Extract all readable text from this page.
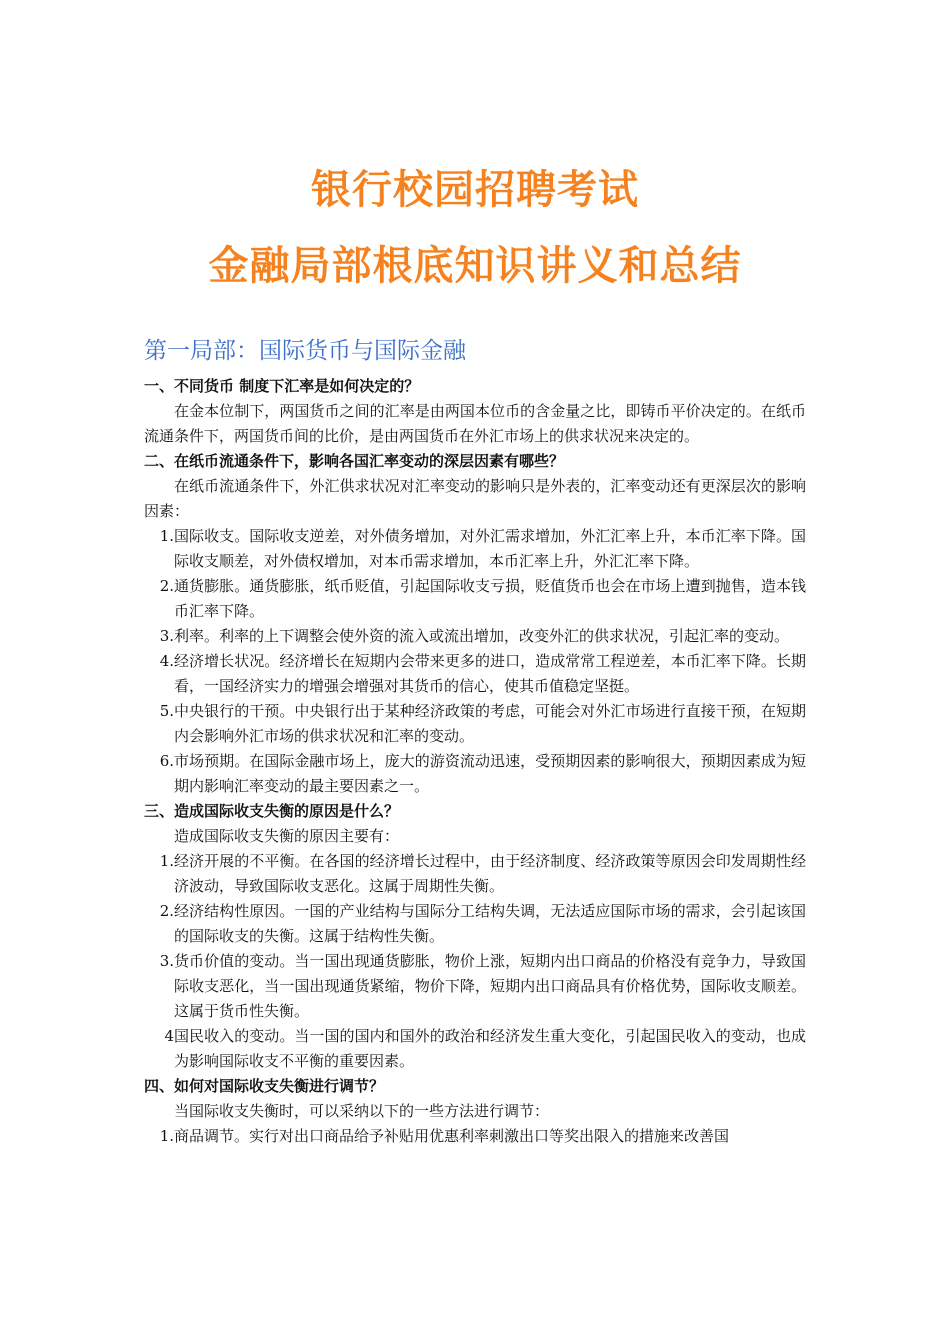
银行校园招聘考试
金融局部根底知识讲义和总结
第一局部：国际货币与国际金融

一、不同货币 制度下汇率是如何决定的？

在金本位制下，两国货币之间的汇率是由两国本位币的含金量之比，即铸币平价决定的。在纸币流通条件下，两国货币间的比价，是由两国货币在外汇市场上的供求状况来决定的。

二、在纸币流通条件下，影响各国汇率变动的深层因素有哪些？

在纸币流通条件下，外汇供求状况对汇率变动的影响只是外表的，汇率变动还有更深层次的影响因素：

1. 国际收支。国际收支逆差，对外债务增加，对外汇需求增加，外汇汇率上升，本币汇率下降。国际收支顺差，对外债权增加，对本币需求增加，本币汇率上升，外汇汇率下降。
2. 通货膨胀。通货膨胀，纸币贬值，引起国际收支亏损，贬值货币也会在市场上遭到抛售，造本钱币汇率下降。
3. 利率。利率的上下调整会使外资的流入或流出增加，改变外汇的供求状况，引起汇率的变动。
4. 经济增长状况。经济增长在短期内会带来更多的进口，造成常常工程逆差，本币汇率下降。长期看，一国经济实力的增强会增强对其货币的信心，使其币值稳定坚挺。
5. 中央银行的干预。中央银行出于某种经济政策的考虑，可能会对外汇市场进行直接干预，在短期内会影响外汇市场的供求状况和汇率的变动。
6. 市场预期。在国际金融市场上，庞大的游资流动迅速，受预期因素的影响很大，预期因素成为短期内影响汇率变动的最主要因素之一。

三、造成国际收支失衡的原因是什么？

造成国际收支失衡的原因主要有：

1. 经济开展的不平衡。在各国的经济增长过程中，由于经济制度、经济政策等原因会印发周期性经济波动，导致国际收支恶化。这属于周期性失衡。
2. 经济结构性原因。一国的产业结构与国际分工结构失调，无法适应国际市场的需求，会引起该国的国际收支的失衡。这属于结构性失衡。
3. 货币价值的变动。当一国出现通货膨胀，物价上涨，短期内出口商品的价格没有竞争力，导致国际收支恶化，当一国出现通货紧缩，物价下降，短期内出口商品具有价格优势，国际收支顺差。这属于货币性失衡。
4 国民收入的变动。当一国的国内和国外的政治和经济发生重大变化，引起国民收入的变动，也成为影响国际收支不平衡的重要因素。

四、如何对国际收支失衡进行调节？

当国际收支失衡时，可以采纳以下的一些方法进行调节：

1. 商品调节。实行对出口商品给予补贴用优惠利率刺激出口等奖出限入的措施来改善国
